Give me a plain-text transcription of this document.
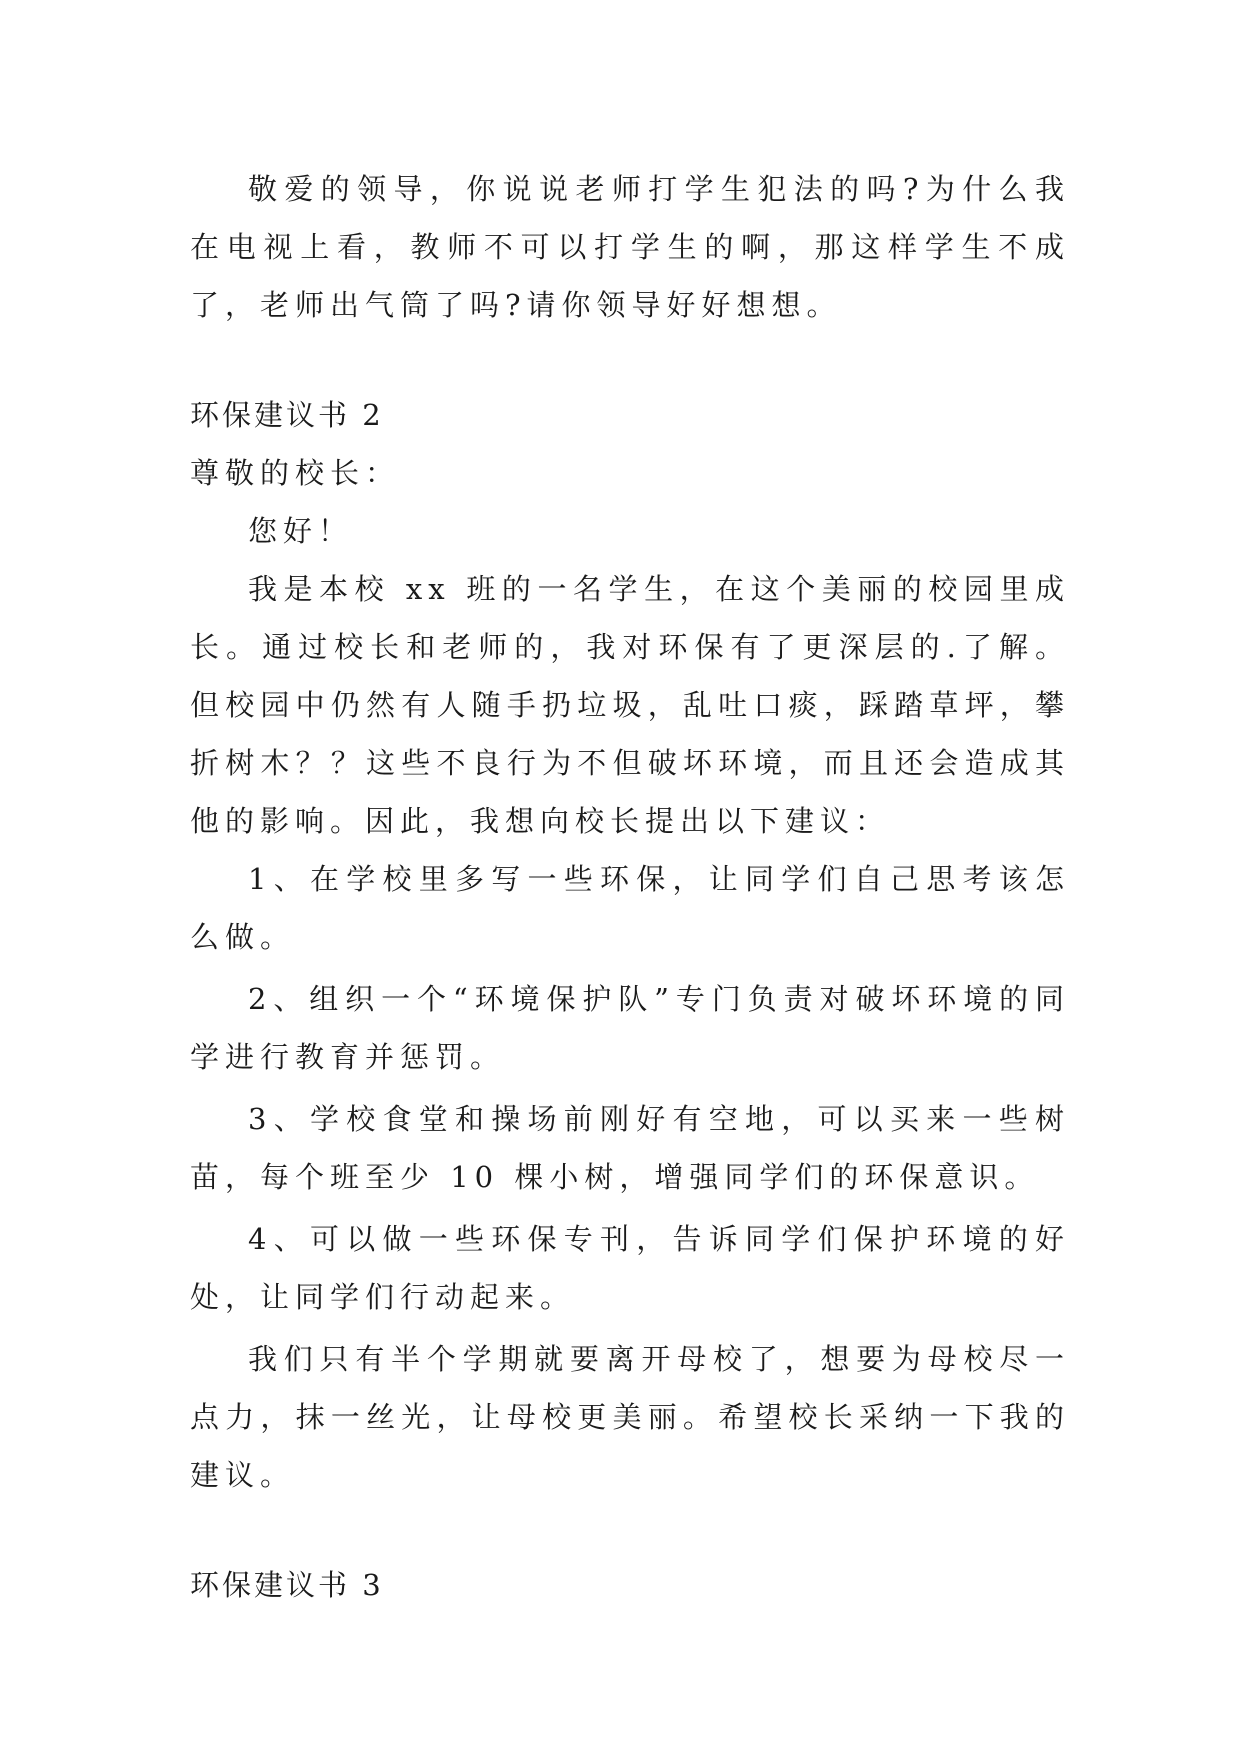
敬爱的领导，你说说老师打学生犯法的吗?为什么我在电视上看，教师不可以打学生的啊，那这样学生不成了，老师出气筒了吗?请你领导好好想想。

环保建议书 2

尊敬的校长：

您好！

我是本校 xx 班的一名学生，在这个美丽的校园里成长。通过校长和老师的，我对环保有了更深层的.了解。但校园中仍然有人随手扔垃圾，乱吐口痰，踩踏草坪，攀折树木？？这些不良行为不但破坏环境，而且还会造成其他的影响。因此，我想向校长提出以下建议：

1、在学校里多写一些环保，让同学们自己思考该怎么做。

2、组织一个“环境保护队”专门负责对破坏环境的同学进行教育并惩罚。

3、学校食堂和操场前刚好有空地，可以买来一些树苗，每个班至少 10 棵小树，增强同学们的环保意识。

4、可以做一些环保专刊，告诉同学们保护环境的好处，让同学们行动起来。

我们只有半个学期就要离开母校了，想要为母校尽一点力，抹一丝光，让母校更美丽。希望校长采纳一下我的建议。

环保建议书 3
